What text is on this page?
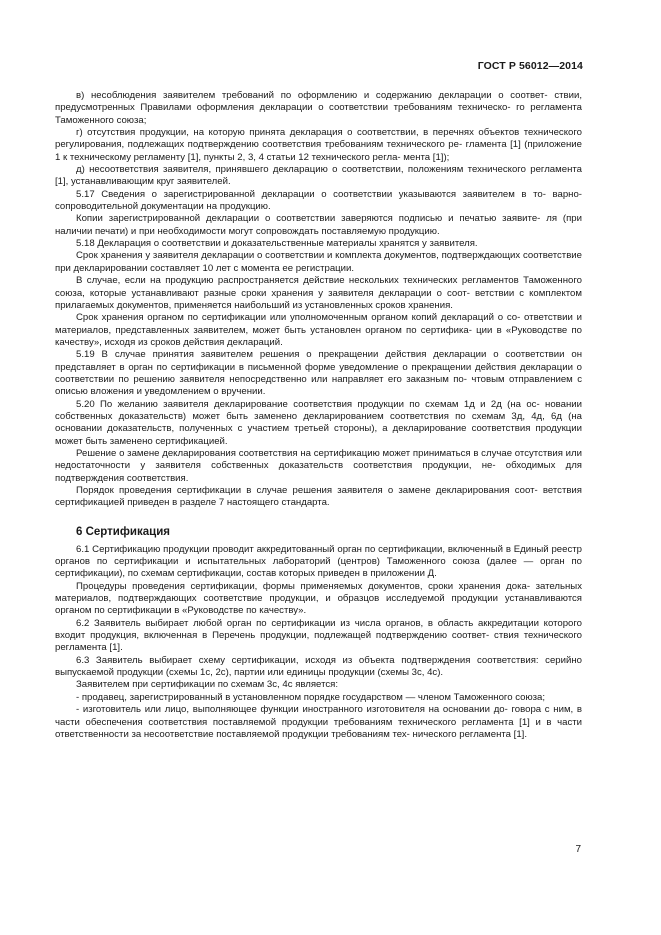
ГОСТ Р 56012—2014

в) несоблюдения заявителем требований по оформлению и содержанию декларации о соответ- ствии, предусмотренных Правилами оформления декларации о соответствии требованиям техническо- го регламента Таможенного союза;

г) отсутствия продукции, на которую принята декларация о соответствии, в перечнях объектов технического регулирования, подлежащих подтверждению соответствия требованиям технического ре- гламента [1] (приложение 1 к техническому регламенту [1], пункты 2, 3, 4 статьи 12 технического регла- мента [1]);

д) несоответствия заявителя, принявшего декларацию о соответствии, положениям технического регламента [1], устанавливающим круг заявителей.

5.17 Сведения о зарегистрированной декларации о соответствии указываются заявителем в то- варно-сопроводительной документации на продукцию.

Копии зарегистрированной декларации о соответствии заверяются подписью и печатью заявите- ля (при наличии печати) и при необходимости могут сопровождать поставляемую продукцию.

5.18 Декларация о соответствии и доказательственные материалы хранятся у заявителя.

Срок хранения у заявителя декларации о соответствии и комплекта документов, подтверждающих соответствие при декларировании составляет 10 лет с момента ее регистрации.

В случае, если на продукцию распространяется действие нескольких технических регламентов Таможенного союза, которые устанавливают разные сроки хранения у заявителя декларации о соот- ветствии с комплектом прилагаемых документов, применяется наибольший из установленных сроков хранения.

Срок хранения органом по сертификации или уполномоченным органом копий деклараций о со- ответствии и материалов, представленных заявителем, может быть установлен органом по сертифика- ции в «Руководстве по качеству», исходя из сроков действия деклараций.

5.19 В случае принятия заявителем решения о прекращении действия декларации о соответствии он представляет в орган по сертификации в письменной форме уведомление о прекращении действия декларации о соответствии по решению заявителя непосредственно или направляет его заказным по- чтовым отправлением с описью вложения и уведомлением о вручении.

5.20 По желанию заявителя декларирование соответствия продукции по схемам 1д и 2д (на ос- новании собственных доказательств) может быть заменено декларированием соответствия по схемам 3д, 4д, 6д (на основании доказательств, полученных с участием третьей стороны), а декларирование соответствия продукции может быть заменено сертификацией.

Решение о замене декларирования соответствия на сертификацию может приниматься в случае отсутствия или недостаточности у заявителя собственных доказательств соответствия продукции, не- обходимых для подтверждения соответствия.

Порядок проведения сертификации в случае решения заявителя о замене декларирования соот- ветствия сертификацией приведен в разделе 7 настоящего стандарта.

6 Сертификация

6.1 Сертификацию продукции проводит аккредитованный орган по сертификации, включенный в Единый реестр органов по сертификации и испытательных лабораторий (центров) Таможенного союза (далее — орган по сертификации), по схемам сертификации, состав которых приведен в приложении Д.

Процедуры проведения сертификации, формы применяемых документов, сроки хранения дока- зательных материалов, подтверждающих соответствие продукции, и образцов исследуемой продукции устанавливаются органом по сертификации в «Руководстве по качеству».

6.2 Заявитель выбирает любой орган по сертификации из числа органов, в область аккредитации которого входит продукция, включенная в Перечень продукции, подлежащей подтверждению соответ- ствия технического регламента [1].

6.3 Заявитель выбирает схему сертификации, исходя из объекта подтверждения соответствия: серийно выпускаемой продукции (схемы 1с, 2с), партии или единицы продукции (схемы 3с, 4с).

Заявителем при сертификации по схемам 3с, 4с является:

- продавец, зарегистрированный в установленном порядке государством — членом Таможенного союза;

- изготовитель или лицо, выполняющее функции иностранного изготовителя на основании до- говора с ним, в части обеспечения соответствия поставляемой продукции требованиям технического регламента [1] и в части ответственности за несоответствие поставляемой продукции требованиям тех- нического регламента [1].

7
